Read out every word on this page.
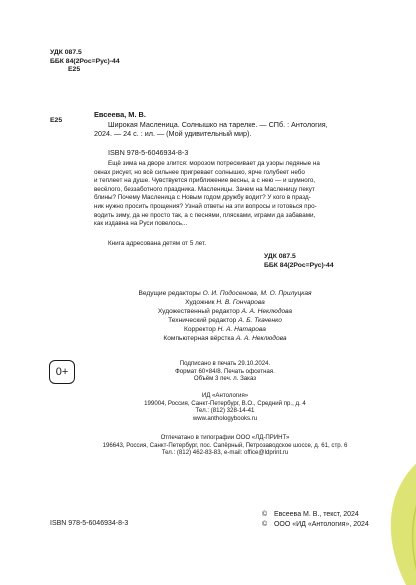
УДК 087.5
ББК 84(2Рос=Рус)-44
E25
E25
Евсеева, М. В.
Широкая Масленица. Солнышко на тарелке. — СПб. : Антология,
2024. — 24 с. : ил. — (Мой удивительный мир).
ISBN 978-5-6046934-8-3
Ещё зима на дворе злится: морозом потрескивает да узоры ледяные на
окнах рисует, но всё сильнее пригревает солнышко, ярче голубеет небо
и теплеет на душе. Чувствуется приближение весны, а с нею — и шумного,
весёлого, беззаботного праздника. Масленицы. Зачем на Масленицу пекут
блины? Почему Масленица с Новым годом дружбу водит? У кого в празд-
ник нужно просить прощения? Узнай ответы на эти вопросы и готовься про-
водить зиму, да не просто так, а с песнями, плясками, играми да забавами,
как издавна на Руси повелось...
Книга адресована детям от 5 лет.
УДК 087.5
ББК 84(2Рос=Рус)-44
Ведущие редакторы О. И. Подосенова, М. О. Прилуцкая
Художник Н. В. Гончарова
Художественный редактор А. А. Неклюдова
Технический редактор А. Б. Ткаченко
Корректор Н. А. Натарова
Компьютерная вёрстка А. А. Неклюдова
0+
Подписано в печать 29.10.2024.
Формат 60×84/8. Печать офсетная.
Объём 3 печ. л. Заказ
ИД «Антология»
199004, Россия, Санкт-Петербург, В.О., Средний пр., д. 4
Тел.: (812) 328-14-41
www.anthologybooks.ru
Отпечатано в типографии ООО «ЛД-ПРИНТ»
196643, Россия, Санкт-Петербург, пос. Сапёрный, Петрозаводское шоссе, д. 61, стр. 6
Тел.: (812) 462-83-83, e-mail: office@ldprint.ru
ISBN 978-5-6046934-8-3
© Евсеева М. В., текст, 2024
© ООО «ИД «Антология», 2024
